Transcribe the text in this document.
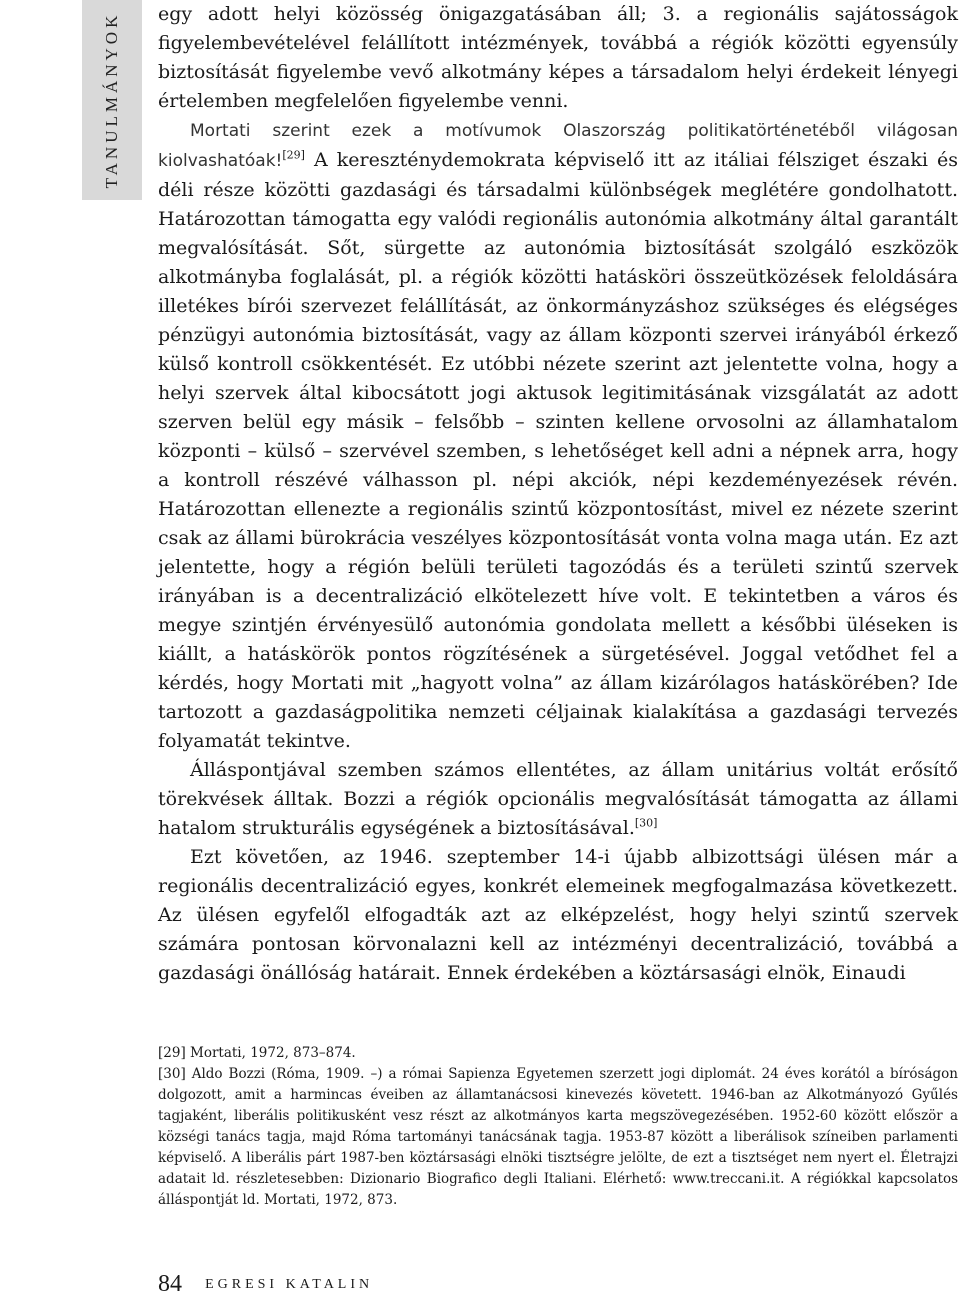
TANULMÁNYOK egy adott helyi közösség önigazgatásában áll; 3. a regionális sajátosságok figyelembevételével felállított intézmények, továbbá a régiók közötti egyensúly biztosítását figyelembe vevő alkotmány képes a társadalom helyi érdekeit lényegi értelemben megfelelően figyelembe venni.

Mortati szerint ezek a motívumok Olaszország politikatörténetéből világosan kiolvashatóak![29] A kereszténydemokrata képviselő itt az itáliai félsziget északi és déli része közötti gazdasági és társadalmi különbségek meglétére gondolhatott. Határozottan támogatta egy valódi regionális autonómia alkotmány által garantált megvalósítását. Sőt, sürgette az autonómia biztosítását szolgáló eszközök alkotmányba foglalását, pl. a régiók közötti hatásköri összeütközések feloldására illetékes bírói szervezet felállítását, az önkormányzáshoz szükséges és elégséges pénzügyi autonómia biztosítását, vagy az állam központi szervei irányából érkező külső kontroll csökkentését. Ez utóbbi nézete szerint azt jelentette volna, hogy a helyi szervek által kibocsátott jogi aktusok legitimitásának vizsgálatát az adott szerven belül egy másik – felsőbb – szinten kellene orvosolni az államhatalom központi – külső – szervével szemben, s lehetőséget kell adni a népnek arra, hogy a kontroll részévé válhasson pl. népi akciók, népi kezdeményezések révén. Határozottan ellenezte a regionális szintű központosítást, mivel ez nézete szerint csak az állami bürokrácia veszélyes központosítását vonta volna maga után. Ez azt jelentette, hogy a régión belüli területi tagozódás és a területi szintű szervek irányában is a decentralizáció elkötelezett híve volt. E tekintetben a város és megye szintjén érvényesülő autonómia gondolata mellett a későbbi üléseken is kiállt, a hatáskörök pontos rögzítésének a sürgetésével. Joggal vetődhet fel a kérdés, hogy Mortati mit „hagyott volna” az állam kizárólagos hatáskörében? Ide tartozott a gazdaságpolitika nemzeti céljainak kialakítása a gazdasági tervezés folyamatát tekintve.

Álláspontjával szemben számos ellentétes, az állam unitárius voltát erősítő törekvések álltak. Bozzi a régiók opcionális megvalósítását támogatta az állami hatalom strukturális egységének a biztosításával.[30]

Ezt követően, az 1946. szeptember 14-i újabb albizottsági ülésen már a regionális decentralizáció egyes, konkrét elemeinek megfogalmazása következett. Az ülésen egyfelől elfogadták azt az elképzelést, hogy helyi szintű szervek számára pontosan körvonalazni kell az intézményi decentralizáció, továbbá a gazdasági önállóság határait. Ennek érdekében a köztársasági elnök, Einaudi

[29] Mortati, 1972, 873–874.

[30] Aldo Bozzi (Róma, 1909. –) a római Sapienza Egyetemen szerzett jogi diplomát. 24 éves korától a bíróságon dolgozott, amit a harmincas éveiben az államtanácsosi kinevezés követett. 1946-ban az Alkotmányozó Gyűlés tagjaként, liberális politikusként vesz részt az alkotmányos karta megszövegezésében. 1952-60 között először a községi tanács tagja, majd Róma tartományi tanácsának tagja. 1953-87 között a liberálisok színeiben parlamenti képviselő. A liberális párt 1987-ben köztársasági elnöki tisztségre jelölte, de ezt a tisztséget nem nyert el. Életrajzi adatait ld. részletesebben: Dizionario Biografico degli Italiani. Elérhető: www.treccani.it. A régiókkal kapcsolatos álláspontját ld. Mortati, 1972, 873.

84 EGRESI KATALIN
